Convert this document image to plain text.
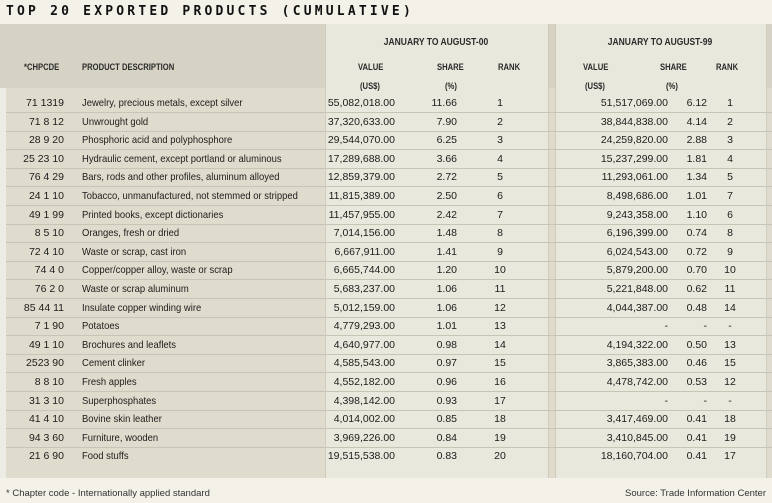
TOP 20 EXPORTED PRODUCTS (CUMULATIVE)
JANUARY TO AUGUST-00	JANUARY TO AUGUST-99
*CHPCDE	PRODUCT DESCRIPTION	VALUE
(US$)
SHARE
(%)
RANK	VALUE
(US$)
SHARE
(%)
RANK
71 1319 Jewelry, precious metals, except silver	55,082,018.00	11.66	1	51,517,069.00	6.12	1
71 8 12 Unwrought gold	37,320,633.00	7.90	2	38,844,838.00	4.14	2
28 9 20 Phosphoric acid and polyphosphore	29,544,070.00	6.25	3	24,259,820.00	2.88	3
25 23 10 Hydraulic cement, except portland or aluminous	17,289,688.00	3.66	4	15,237,299.00	1.81	4
76 4 29 Bars, rods and other profiles, aluminum alloyed	12,859,379.00	2.72	5	11,293,061.00	1.34	5
24 1 10 Tobacco, unmanufactured, not stemmed or stripped	11,815,389.00	2.50	6	8,498,686.00	1.01	7
49 1 99 Printed books, except dictionaries	11,457,955.00	2.42	7	9,243,358.00	1.10	6
8 5 10 Oranges, fresh or dried	7,014,156.00	1.48	8	6,196,399.00	0.74	8
72 4 10 Waste or scrap, cast iron	6,667,911.00	1.41	9	6,024,543.00	0.72	9
74 4 0 Copper/copper alloy, waste or scrap	6,665,744.00	1.20	10	5,879,200.00	0.70	10
76 2 0 Waste or scrap aluminum	5,683,237.00	1.06	11	5,221,848.00	0.62	11
85 44 11 Insulate copper winding wire	5,012,159.00	1.06	12	4,044,387.00	0.48	14
7 1 90 Potatoes	4,779,293.00	1.01	13	-	-	-
49 1 10 Brochures and leaflets	4,640,977.00	0.98	14	4,194,322.00	0.50	13
2523 90 Cement clinker	4,585,543.00	0.97	15	3,865,383.00	0.46	15
8 8 10 Fresh apples	4,552,182.00	0.96	16	4,478,742.00	0.53	12
31 3 10 Superphosphates	4,398,142.00	0.93	17	-	-	-
41 4 10 Bovine skin leather	4,014,002.00	0.85	18	3,417,469.00	0.41	18
94 3 60 Furniture, wooden	3,969,226.00	0.84	19	3,410,845.00	0.41	19
21 6 90 Food stuffs	19,515,538.00	0.83	20	18,160,704.00	0.41	17
* Chapter code - Internationally applied standard	Source: Trade Information Center
